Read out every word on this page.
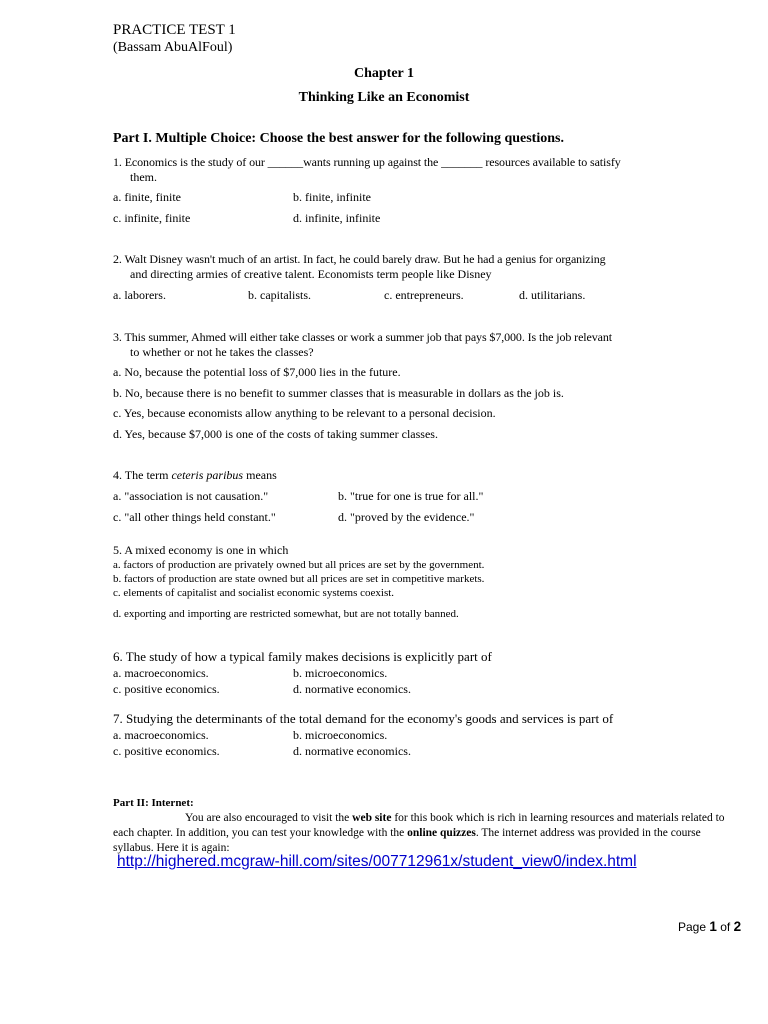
PRACTICE TEST 1
(Bassam AbuAlFoul)
Chapter 1
Thinking Like an Economist
Part I. Multiple Choice: Choose the best answer for the following questions.
1. Economics is the study of our ______wants running up against the _______ resources available to satisfy
them.
a. finite, finite	b. finite, infinite
c. infinite, finite	d. infinite, infinite
2. Walt Disney wasn't much of an artist. In fact, he could barely draw. But he had a genius for organizing
and directing armies of creative talent. Economists term people like Disney
a. laborers.	b. capitalists.	c. entrepreneurs.	d. utilitarians.
3. This summer, Ahmed will either take classes or work a summer job that pays $7,000. Is the job relevant
to whether or not he takes the classes?
a. No, because the potential loss of $7,000 lies in the future.
b. No, because there is no benefit to summer classes that is measurable in dollars as the job is.
c. Yes, because economists allow anything to be relevant to a personal decision.
d. Yes, because $7,000 is one of the costs of taking summer classes.
4. The term ceteris paribus means
a. "association is not causation."	b. "true for one is true for all."
c. "all other things held constant."	d. "proved by the evidence."
5. A mixed economy is one in which
a. factors of production are privately owned but all prices are set by the government.
b. factors of production are state owned but all prices are set in competitive markets.
c. elements of capitalist and socialist economic systems coexist.
d. exporting and importing are restricted somewhat, but are not totally banned.
6. The study of how a typical family makes decisions is explicitly part of
a. macroeconomics.	b. microeconomics.
c. positive economics.	d. normative economics.
7. Studying the determinants of the total demand for the economy's goods and services is part of
a. macroeconomics.	b. microeconomics.
c. positive economics.	d. normative economics.
Part II: Internet:
You are also encouraged to visit the web site for this book which is rich in learning resources and materials related to each chapter. In addition, you can test your knowledge with the online quizzes. The internet address was provided in the course syllabus. Here it is again:
http://highered.mcgraw-hill.com/sites/007712961x/student_view0/index.html
Page 1 of 2
